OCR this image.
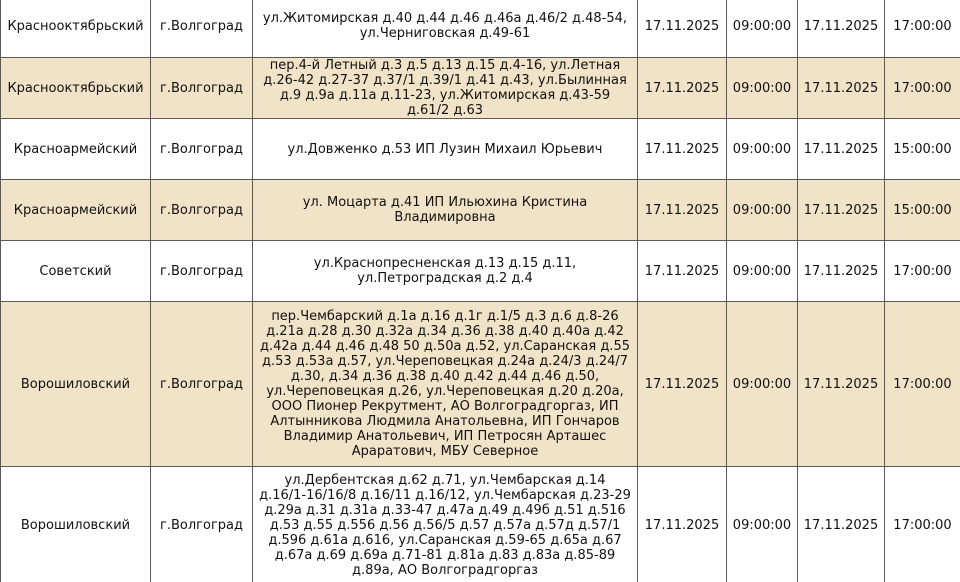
Краснооктябрьский	г.Волгоград	ул.Житомирская д.40 д.44 д.46 д.46а д.46/2 д.48-54, ул.Черниговская д.49-61	17.11.2025	09:00:00	17.11.2025	17:00:00
Краснооктябрьский	г.Волгоград	пер.4-й Летный д.3 д.5 д.13 д.15 д.4-16, ул.Летная д.26-42 д.27-37 д.37/1 д.39/1 д.41 д.43, ул.Былинная д.9 д.9а д.11а д.11-23, ул.Житомирская д.43-59 д.61/2 д.63	17.11.2025	09:00:00	17.11.2025	17:00:00
Красноармейский	г.Волгоград	ул.Довженко д.53 ИП Лузин Михаил Юрьевич	17.11.2025	09:00:00	17.11.2025	15:00:00
Красноармейский	г.Волгоград	ул. Моцарта д.41 ИП Ильюхина Кристина Владимировна	17.11.2025	09:00:00	17.11.2025	15:00:00
Советский	г.Волгоград	ул.Краснопресненская д.13 д.15 д.11, ул.Петроградская д.2 д.4	17.11.2025	09:00:00	17.11.2025	17:00:00
Ворошиловский	г.Волгоград	пер.Чембарский д.1а д.16 д.1г д.1/5 д.3 д.6 д.8-26 д.21а д.28 д.30 д.32а д.34 д.36 д.38 д.40 д.40а д.42 д.42а д.44 д.46 д.48 50 д.50а д.52, ул.Саранская д.55 д.53 д.53а д.57, ул.Череповецкая д.24а д.24/3 д.24/7 д.30, д.34 д.36 д.38 д.40 д.42 д.44 д.46 д.50, ул.Череповецкая д.26, ул.Череповецкая д.20 д.20а, ООО Пионер Рекрутмент, АО Волгоградгоргаз, ИП Алтынникова Людмила Анатольевна, ИП Гончаров Владимир Анатольевич, ИП Петросян Арташес Араратович, МБУ Северное	17.11.2025	09:00:00	17.11.2025	17:00:00
Ворошиловский	г.Волгоград	ул.Дербентская д.62 д.71, ул.Чембарская д.14 д.16/1-16/16/8 д.16/11 д.16/12, ул.Чембарская д.23-29 д.29а д.31 д.31а д.33-47 д.47а д.49 д.49б д.51 д.516 д.53 д.55 д.556 д.56 д.56/5 д.57 д.57а д.57д д.57/1 д.596 д.61а д.616, ул.Саранская д.59-65 д.65а д.67 д.67а д.69 д.69а д.71-81 д.81а д.83 д.83а д.85-89 д.89а, АО Волгоградгоргаз	17.11.2025	09:00:00	17.11.2025	17:00:00
